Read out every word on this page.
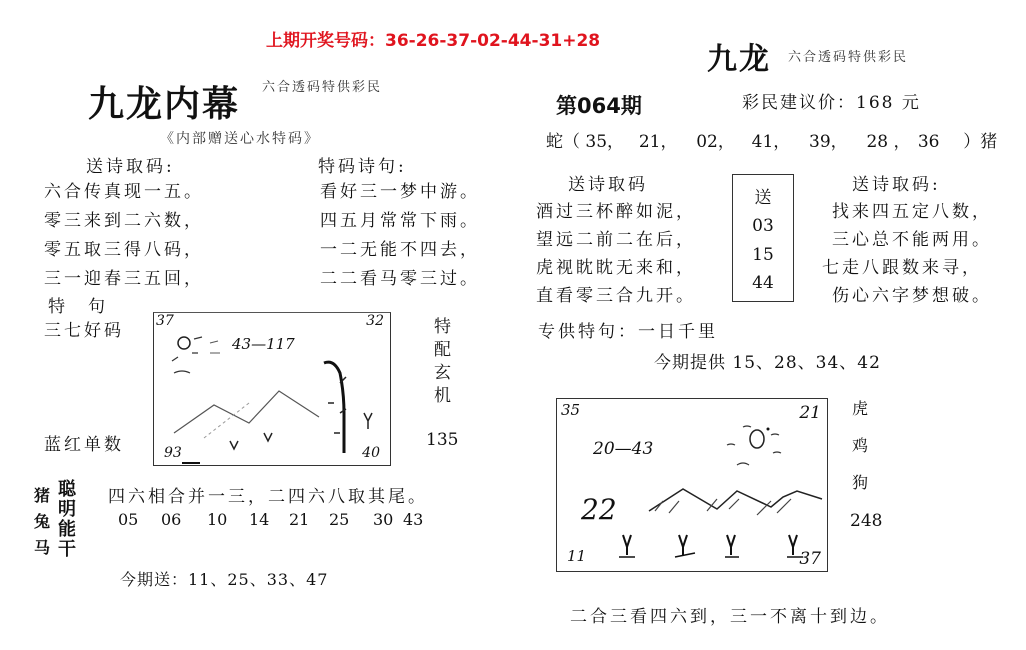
上期开奖号码：36-26-37-02-44-31+28
九龙内幕 六合透码特供彩民
《内部赠送心水特码》
送诗取码:
六合传真现一五。
零三来到二六数，
零五取三得八码，
三一迎春三五回，
特码诗句:
看好三一梦中游。
四五月常常下雨。
一二无能不四去，
二二看马零三过。
特　句
三七好码
蓝红单数
37	32
93	40
43—117
特
配
玄
机
135
猪
兔
马
聪
明
能
干
四六相合并一三，二四六八取其尾。
05 06 10 14 21 25 30 43
今期送：11、25、33、47
九龙 六合透码特供彩民
第064期	彩民建议价：168 元
蛇（ 35， 21， 02， 41， 39， 28 ， 36 ）猪
送诗取码
酒过三杯醉如泥，
望远二前二在后，
虎视眈眈无来和，
直看零三合九开。
送
03
15
44
送诗取码:
找来四五定八数，
三心总不能两用。
七走八跟数来寻，
伤心六字梦想破。
专供特句：一日千里
今期提供 15、28、34、42
35	21
11	37
20—43
22
虎
鸡
狗
248
二合三看四六到，三一不离十到边。
